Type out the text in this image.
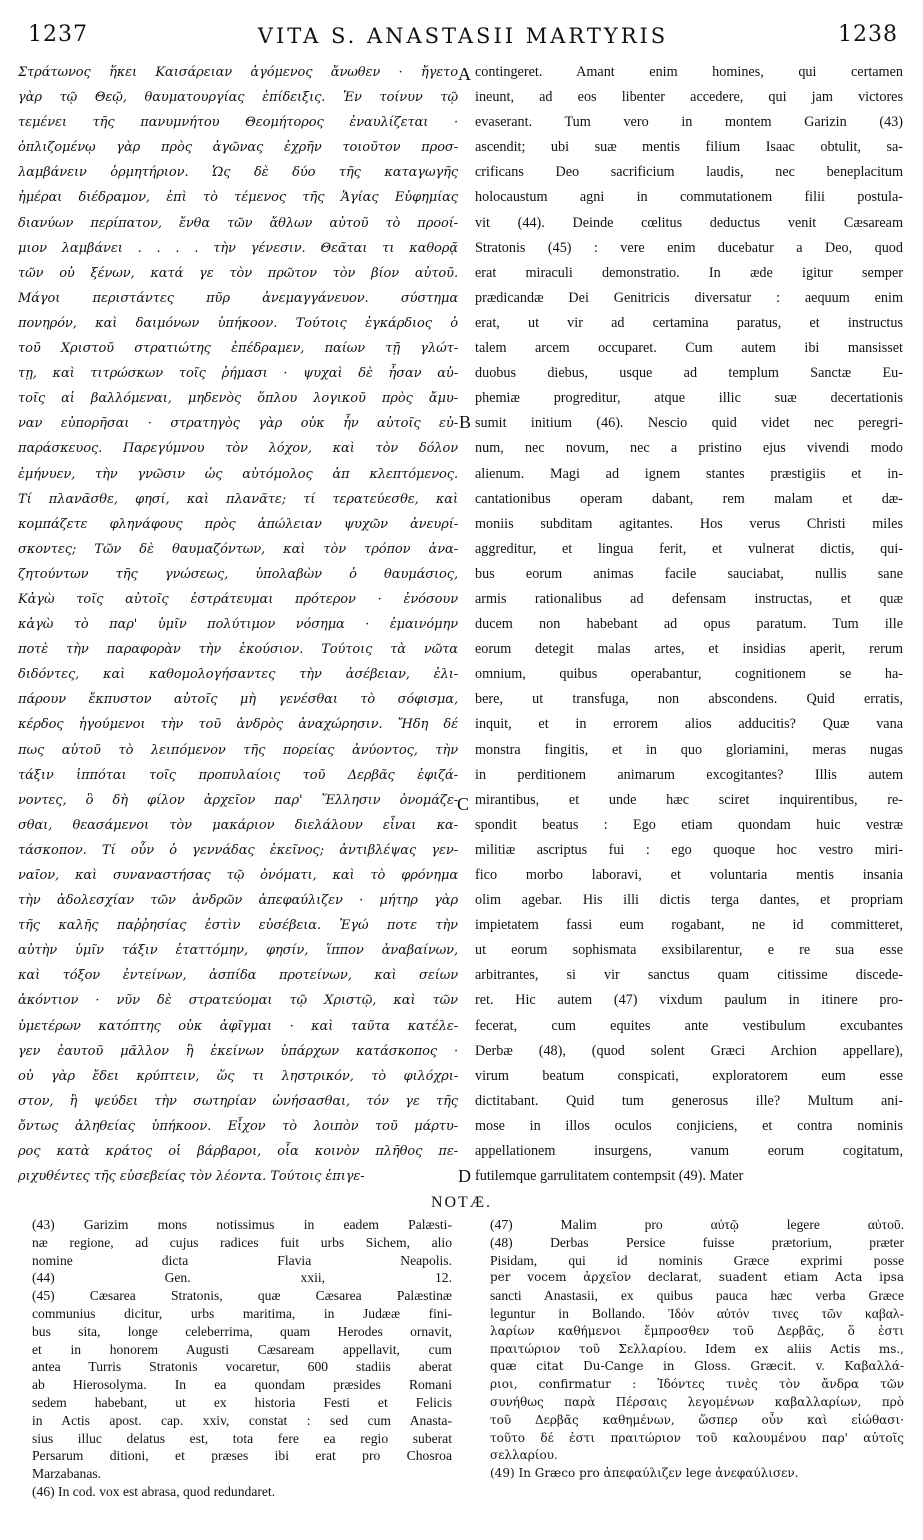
1237	VITA S. ANASTASII MARTYRIS	1238
Στράτωνος ἥκει Καισάρειαν ἀγόμενος ἄνωθεν · ἤγετο
γὰρ τῷ Θεῷ, θαυματουργίας ἐπίδειξις. Ἐν τοίνυν τῷ
τεμένει τῆς πανυμνήτου Θεομήτορος ἐναυλίζεται ·
ὁπλιζομένῳ γὰρ πρὸς ἀγῶνας ἐχρῆν τοιοῦτον προσ-
λαμβάνειν ὁρμητήριον. Ὡς δὲ δύο τῆς καταγωγῆς
ἡμέραι διέδραμον, ἐπὶ τὸ τέμενος τῆς Ἁγίας Εὐφημίας
διανύων περίπατον, ἔνθα τῶν ἄθλων αὐτοῦ τὸ προοί-
μιον λαμβάνει . . . . τὴν γένεσιν. Θεᾶται τι καθορᾷ
τῶν οὐ ξένων, κατά γε τὸν πρῶτον τὸν βίον αὐτοῦ.
Μάγοι περιστάντες πῦρ ἀνεμαγγάνευον. σύστημα
πονηρόν, καὶ δαιμόνων ὑπήκοον. Τούτοις ἐγκάρδιος ὁ
τοῦ Χριστοῦ στρατιώτης ἐπέδραμεν, παίων τῇ γλώτ-
τῃ, καὶ τιτρώσκων τοῖς ῥήμασι · ψυχαὶ δὲ ἦσαν αὐ-
τοῖς αἱ βαλλόμεναι, μηδενὸς ὅπλου λογικοῦ πρὸς ἄμυ-
ναν εὐπορῆσαι · στρατηγὸς γὰρ οὐκ ἦν αὐτοῖς εὐ-
παράσκευος. Παρεγύμνου τὸν λόχον, καὶ τὸν δόλον
ἐμήνυεν, τὴν γνῶσιν ὡς αὐτόμολος ἀπ κλεπτόμενος.
Τί πλανᾶσθε, φησί, καὶ πλανᾶτε; τί τερατεύεσθε, καὶ
κομπάζετε φληνάφους πρὸς ἀπώλειαν ψυχῶν ἀνευρί-
σκοντες; Τῶν δὲ θαυμαζόντων, καὶ τὸν τρόπον ἀνα-
ζητούντων τῆς γνώσεως, ὑπολαβὼν ὁ θαυμάσιος,
Κἀγὼ τοῖς αὐτοῖς ἐστράτευμαι πρότερον · ἐνόσουν
κἀγὼ τὸ παρ' ὑμῖν πολύτιμον νόσημα · ἐμαινόμην
ποτὲ τὴν παραφορὰν τὴν ἑκούσιον. Τούτοις τὰ νῶτα
διδόντες, καὶ καθομολογήσαντες τὴν ἀσέβειαν, ἐλι-
πάρουν ἔκπυστον αὐτοῖς μὴ γενέσθαι τὸ σόφισμα,
κέρδος ἡγούμενοι τὴν τοῦ ἀνδρὸς ἀναχώρησιν. Ἤδη δέ
πως αὐτοῦ τὸ λειπόμενον τῆς πορείας ἀνύοντος, τὴν
τάξιν ἱππόται τοῖς προπυλαίοις τοῦ Δερβᾶς ἐφιζά-
νοντες, ὃ δὴ φίλον ἀρχεῖον παρ' Ἕλλησιν ὀνομάζε-
σθαι, θεασάμενοι τὸν μακάριον διελάλουν εἶναι κα-
τάσκοπον. Τί οὖν ὁ γεννάδας ἐκεῖνος; ἀντιβλέψας γεν-
ναῖον, καὶ συναναστήσας τῷ ὀνόματι, καὶ τὸ φρόνημα
τὴν ἀδολεσχίαν τῶν ἀνδρῶν ἀπεφαύλιζεν · μήτηρ γὰρ
τῆς καλῆς παῤῥησίας ἐστὶν εὐσέβεια. Ἐγώ ποτε τὴν
αὐτὴν ὑμῖν τάξιν ἐταττόμην, φησίν, ἵππον ἀναβαίνων,
καὶ τόξον ἐντείνων, ἀσπίδα προτείνων, καὶ σείων
ἀκόντιον · νῦν δὲ στρατεύομαι τῷ Χριστῷ, καὶ τῶν
ὑμετέρων κατόπτης οὐκ ἀφῖγμαι · καὶ ταῦτα κατέλε-
γεν ἑαυτοῦ μᾶλλον ἢ ἐκείνων ὑπάρχων κατάσκοπος ·
οὐ γὰρ ἔδει κρύπτειν, ὥς τι ληστρικόν, τὸ φιλόχρι-
στον, ἢ ψεύδει τὴν σωτηρίαν ὠνήσασθαι, τόν γε τῆς
ὄντως ἀληθείας ὑπήκοον. Εἶχον τὸ λοιπὸν τοῦ μάρτυ-
ρος κατὰ κράτος οἱ βάρβαροι, οἷα κοινὸν πλῆθος πε-
ριχυθέντες τῆς εὐσεβείας τὸν λέοντα. Τούτοις ἐπιγε-
contingeret. Amant enim homines, qui certamen
ineunt, ad eos libenter accedere, qui jam victores
evaserant. Tum vero in montem Garizin (43)
ascendit; ubi suæ mentis filium Isaac obtulit, sa-
crificans Deo sacrificium laudis, nec beneplacitum
holocaustum agni in commutationem filii postula-
vit (44). Deinde cœlitus deductus venit Cæsaream
Stratonis (45) : vere enim ducebatur a Deo, quod
erat miraculi demonstratio. In æde igitur semper
prædicandæ Dei Genitricis diversatur : aequum enim
erat, ut vir ad certamina paratus, et instructus
talem arcem occuparet. Cum autem ibi mansisset
duobus diebus, usque ad templum Sanctæ Eu-
phemiæ progreditur, atque illic suæ decertationis
sumit initium (46). Nescio quid videt nec peregri-
num, nec novum, nec a pristino ejus vivendi modo
alienum. Magi ad ignem stantes præstigiis et in-
cantationibus operam dabant, rem malam et dæ-
moniis subditam agitantes. Hos verus Christi miles
aggreditur, et lingua ferit, et vulnerat dictis, qui-
bus eorum animas facile sauciabat, nullis sane
armis rationalibus ad defensam instructas, et quæ
ducem non habebant ad opus paratum. Tum ille
eorum detegit malas artes, et insidias aperit, rerum
omnium, quibus operabantur, cognitionem se ha-
bere, ut transfuga, non abscondens. Quid erratis,
inquit, et in errorem alios adducitis? Quæ vana
monstra fingitis, et in quo gloriamini, meras nugas
in perditionem animarum excogitantes? Illis autem
mirantibus, et unde hæc sciret inquirentibus, re-
spondit beatus : Ego etiam quondam huic vestræ
militiæ ascriptus fui : ego quoque hoc vestro miri-
fico morbo laboravi, et voluntaria mentis insania
olim agebar. His illi dictis terga dantes, et propriam
impietatem fassi eum rogabant, ne id committeret,
ut eorum sophismata exsibilarentur, e re sua esse
arbitrantes, si vir sanctus quam citissime discede-
ret. Hic autem (47) vixdum paulum in itinere pro-
fecerat, cum equites ante vestibulum excubantes
Derbæ (48), (quod solent Græci Archion appellare),
virum beatum conspicati, exploratorem eum esse
dictitabant. Quid tum generosus ille? Multum ani-
mose in illos oculos conjiciens, et contra nominis
appellationem insurgens, vanum eorum cogitatum,
futilemque garrulitatem contempsit (49). Mater
A
B
C
D
NOTÆ.
(43) Garizim mons notissimus in eadem Palæsti-
næ regione, ad cujus radices fuit urbs Sichem, alio
nomine dicta Flavia Neapolis.
(44) Gen. xxii, 12.
(45) Cæsarea Stratonis, quæ Cæsarea Palæstinæ
communius dicitur, urbs maritima, in Judææ fini-
bus sita, longe celeberrima, quam Herodes ornavit,
et in honorem Augusti Cæsaream appellavit, cum
antea Turris Stratonis vocaretur, 600 stadiis aberat
ab Hierosolyma. In ea quondam præsides Romani
sedem habebant, ut ex historia Festi et Felicis
in Actis apost. cap. xxiv, constat : sed cum Anasta-
sius illuc delatus est, tota fere ea regio suberat
Persarum ditioni, et præses ibi erat pro Chosroa
Marzabanas.
(46) In cod. vox est abrasa, quod redundaret.
(47) Malim pro αὐτῷ legere αὐτοῦ.
(48) Derbas Persice fuisse prætorium, præter
Pisidam, qui id nominis Græce exprimi posse
per vocem ἀρχεῖον declarat, suadent etiam Acta ipsa
sancti Anastasii, ex quibus pauca hæc verba Græce
leguntur in Bollando. Ἰδόν αὐτόν τινες τῶν καβαλ-
λαρίων καθήμενοι ἔμπροσθεν τοῦ Δερβᾶς, ὅ ἐστι
πραιτώριον τοῦ Σελλαρίου. Idem ex aliis Actis ms.,
quæ citat Du-Cange in Gloss. Græcit. v. Καβαλλά-
ριοι, confirmatur : Ἰδόντες τινὲς τὸν ἄνδρα τῶν
συνήθως παρὰ Πέρσαις λεγομένων καβαλλαρίων, πρὸ
τοῦ Δερβᾶς καθημένων, ὥσπερ οὖν καὶ εἰώθασι·
τοῦτο δέ ἐστι πραιτώριον τοῦ καλουμένου παρ' αὐτοῖς
σελλαρίου.
(49) In Græco pro ἀπεφαύλιζεν lege ἀνεφαύλισεν.
